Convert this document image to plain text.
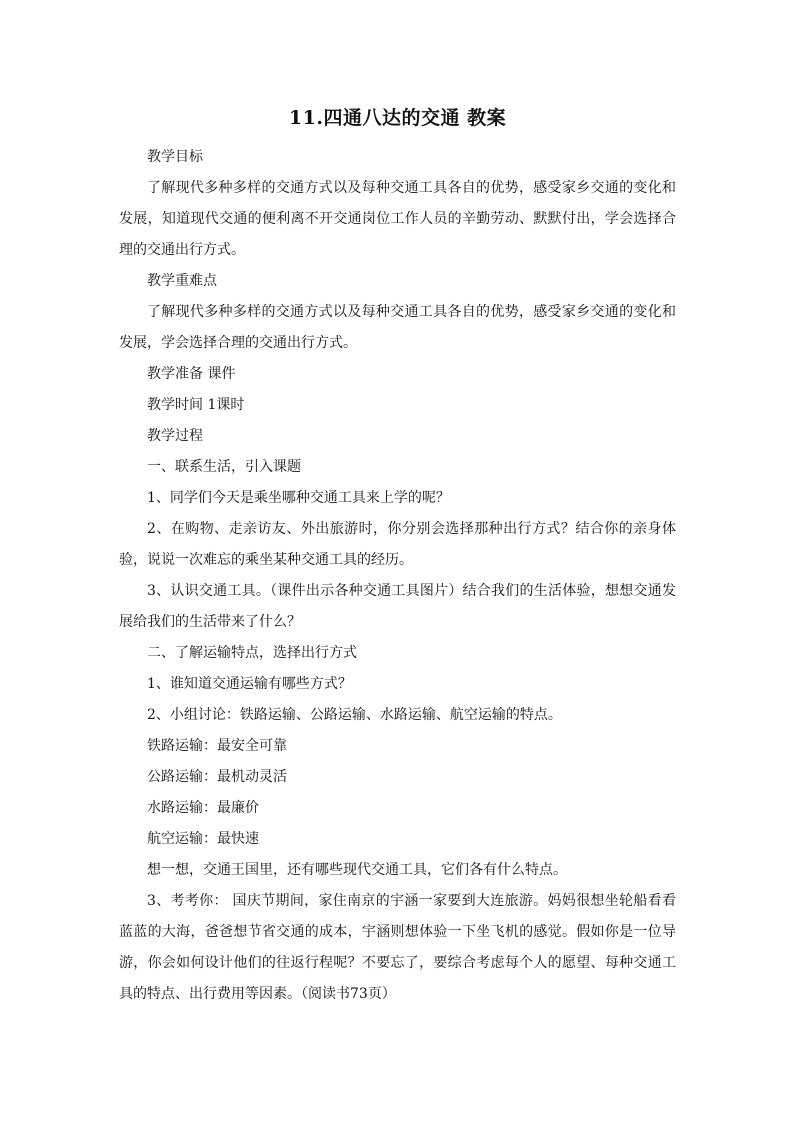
11.四通八达的交通 教案

教学目标

了解现代多种多样的交通方式以及每种交通工具各自的优势，感受家乡交通的变化和发展，知道现代交通的便利离不开交通岗位工作人员的辛勤劳动、默默付出，学会选择合理的交通出行方式。

教学重难点

了解现代多种多样的交通方式以及每种交通工具各自的优势，感受家乡交通的变化和发展，学会选择合理的交通出行方式。

教学准备 课件

教学时间 1课时

教学过程

一、联系生活，引入课题

1、同学们今天是乘坐哪种交通工具来上学的呢？

2、在购物、走亲访友、外出旅游时，你分别会选择那种出行方式？结合你的亲身体验，说说一次难忘的乘坐某种交通工具的经历。

3、认识交通工具。（课件出示各种交通工具图片）结合我们的生活体验，想想交通发展给我们的生活带来了什么？

二、了解运输特点，选择出行方式

1、谁知道交通运输有哪些方式？

2、小组讨论：铁路运输、公路运输、水路运输、航空运输的特点。

铁路运输：最安全可靠

公路运输：最机动灵活

水路运输：最廉价

航空运输：最快速

想一想，交通王国里，还有哪些现代交通工具，它们各有什么特点。

3、考考你： 国庆节期间，家住南京的宇涵一家要到大连旅游。妈妈很想坐轮船看看蓝蓝的大海，爸爸想节省交通的成本，宇涵则想体验一下坐飞机的感觉。假如你是一位导游，你会如何设计他们的往返行程呢？不要忘了，要综合考虑每个人的愿望、每种交通工具的特点、出行费用等因素。（阅读书73页）
